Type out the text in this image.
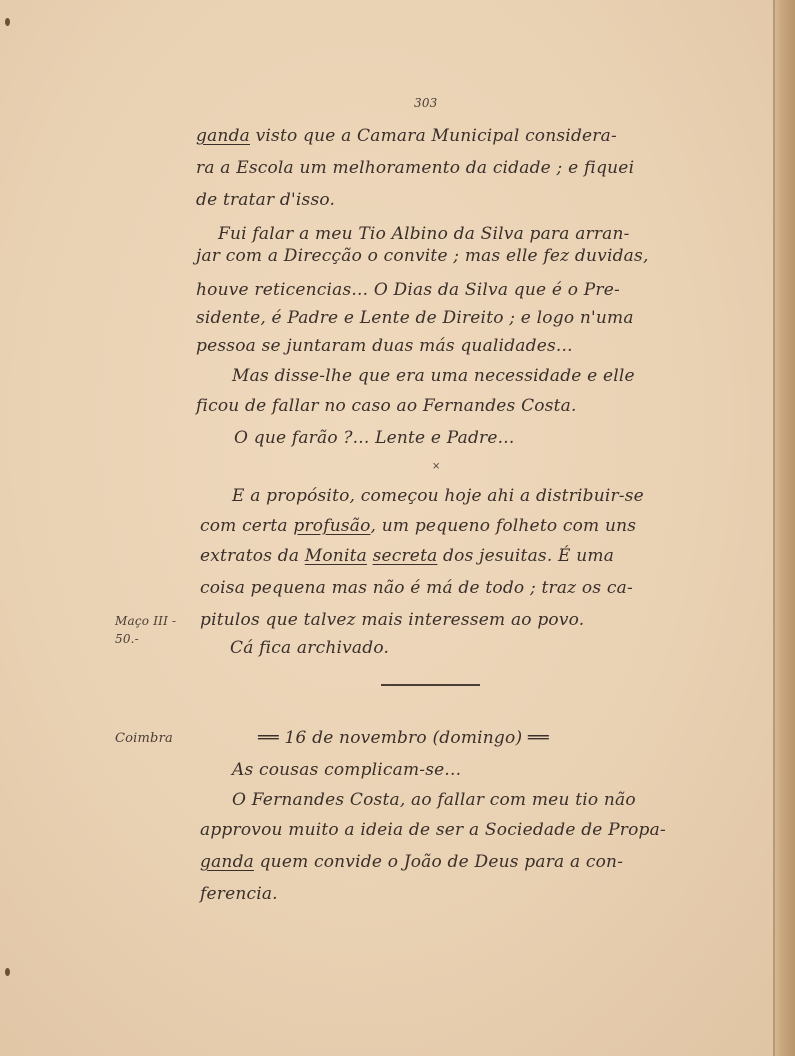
303
ganda visto que a Camara Municipal considera-
ra a Escola um melhoramento da cidade ; e fiquei
de tratar d'isso.
Fui falar a meu Tio Albino da Silva para arran-
jar com a Direcção o convite ; mas elle fez duvidas,
houve reticencias... O Dias da Silva que é o Pre-
sidente, é Padre e Lente de Direito ; e logo n'uma
pessoa se juntaram duas más qualidades...
Mas disse-lhe que era uma necessidade e elle
ficou de fallar no caso ao Fernandes Costa.
O que farão ?... Lente e Padre...
×
E a propósito, começou hoje ahi a distribuir-se
com certa profusão, um pequeno folheto com uns
extratos da Monita secreta dos jesuitas. É uma
coisa pequena mas não é má de todo ; traz os ca-
pitulos que talvez mais interessem ao povo.
Cá fica archivado.
Maço III -
50.-
Coimbra	══ 16 de novembro (domingo) ══
As cousas complicam-se...
O Fernandes Costa, ao fallar com meu tio não
approvou muito a ideia de ser a Sociedade de Propa-
ganda quem convide o João de Deus para a con-
ferencia.
